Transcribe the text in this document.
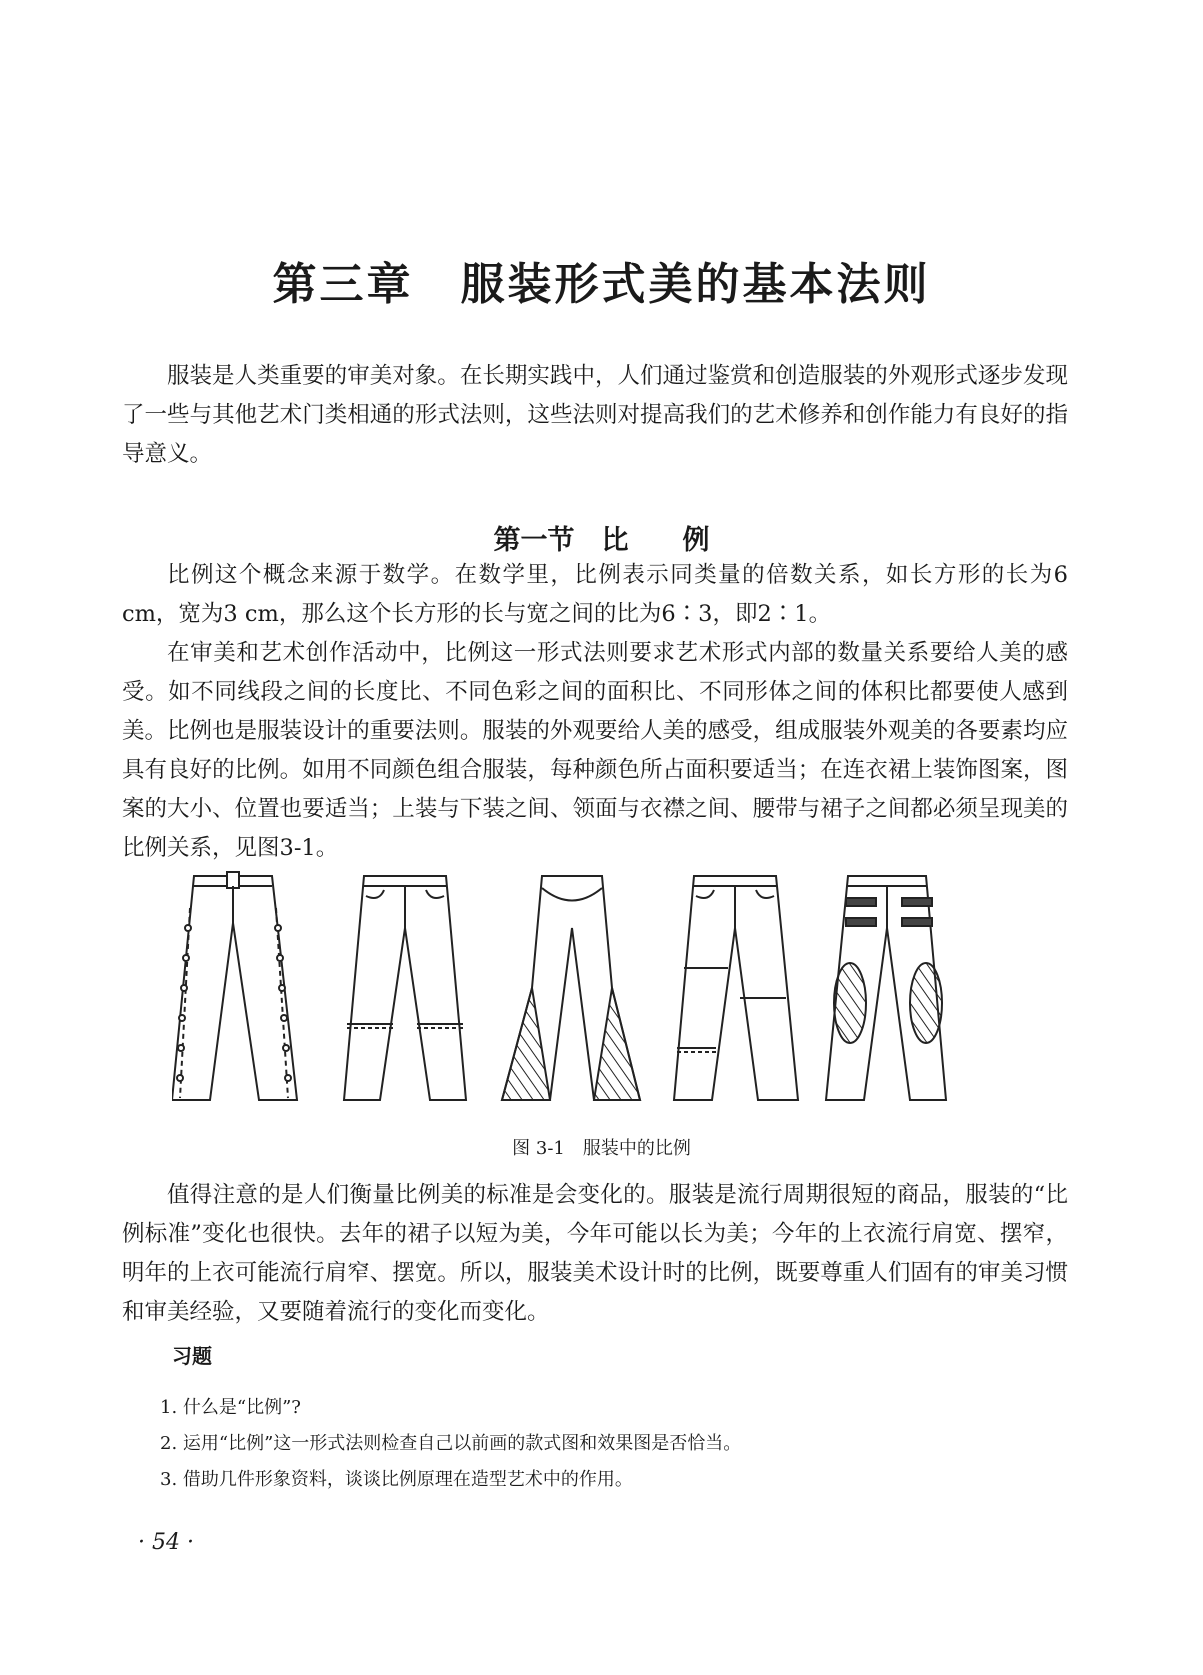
第三章　服装形式美的基本法则

服装是人类重要的审美对象。在长期实践中，人们通过鉴赏和创造服装的外观形式逐步发现了一些与其他艺术门类相通的形式法则，这些法则对提高我们的艺术修养和创作能力有良好的指导意义。

第一节　比　　例

比例这个概念来源于数学。在数学里，比例表示同类量的倍数关系，如长方形的长为6 cm，宽为3 cm，那么这个长方形的长与宽之间的比为6∶3，即2∶1。

在审美和艺术创作活动中，比例这一形式法则要求艺术形式内部的数量关系要给人美的感受。如不同线段之间的长度比、不同色彩之间的面积比、不同形体之间的体积比都要使人感到美。 比例也是服装设计的重要法则。服装的外观要给人美的感受，组成服装外观美的各要素均应具有良好的比例。如用不同颜色组合服装，每种颜色所占面积要适当；在连衣裙上装饰图案，图案的大小、位置也要适当；上装与下装之间、领面与衣襟之间、腰带与裙子之间都必须呈现美的比例关系，见图3-1。

图 3-1　服装中的比例

值得注意的是人们衡量比例美的标准是会变化的。服装是流行周期很短的商品，服装的“比例标准”变化也很快。去年的裙子以短为美，今年可能以长为美；今年的上衣流行肩宽、摆窄，明年的上衣可能流行肩窄、摆宽。所以，服装美术设计时的比例，既要尊重人们固有的审美习惯和审美经验，又要随着流行的变化而变化。

习题
1. 什么是“比例”?
2. 运用“比例”这一形式法则检查自己以前画的款式图和效果图是否恰当。
3. 借助几件形象资料，谈谈比例原理在造型艺术中的作用。
· 54 ·
